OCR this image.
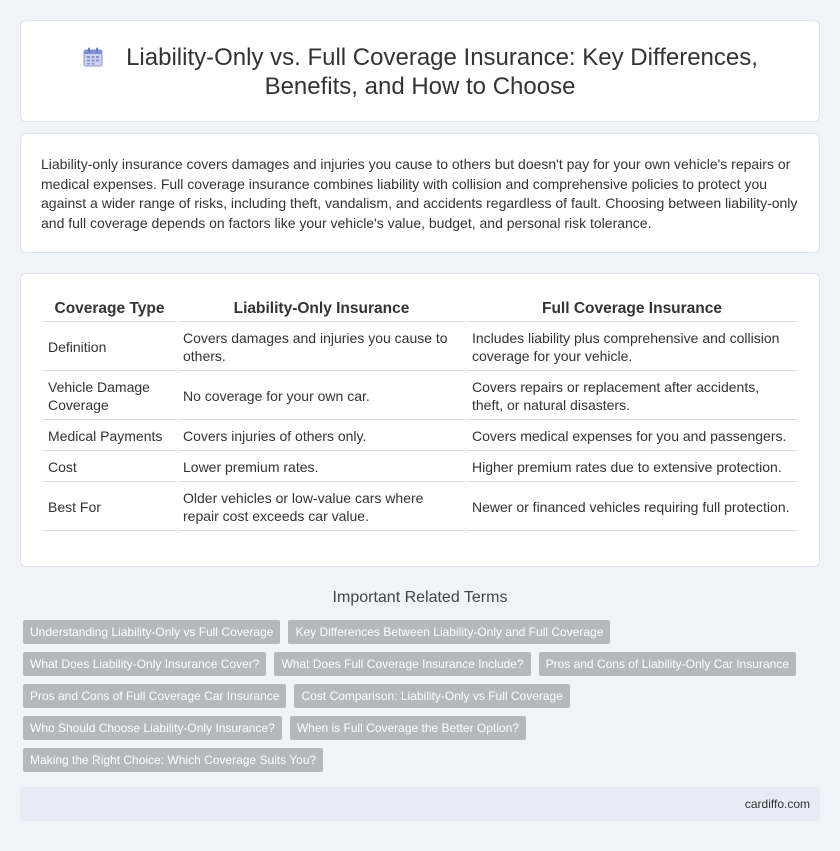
Liability-Only vs. Full Coverage Insurance: Key Differences, Benefits, and How to Choose

Liability-only insurance covers damages and injuries you cause to others but doesn't pay for your own vehicle's repairs or medical expenses. Full coverage insurance combines liability with collision and comprehensive policies to protect you against a wider range of risks, including theft, vandalism, and accidents regardless of fault. Choosing between liability-only and full coverage depends on factors like your vehicle's value, budget, and personal risk tolerance.

Coverage Type	Liability-Only Insurance	Full Coverage Insurance
Definition	Covers damages and injuries you cause to others.	Includes liability plus comprehensive and collision coverage for your vehicle.
Vehicle Damage Coverage	No coverage for your own car.	Covers repairs or replacement after accidents, theft, or natural disasters.
Medical Payments	Covers injuries of others only.	Covers medical expenses for you and passengers.
Cost	Lower premium rates.	Higher premium rates due to extensive protection.
Best For	Older vehicles or low-value cars where repair cost exceeds car value.	Newer or financed vehicles requiring full protection.
Important Related Terms
Understanding Liability-Only vs Full Coverage	Key Differences Between Liability-Only and Full Coverage
What Does Liability-Only Insurance Cover?	What Does Full Coverage Insurance Include?	Pros and Cons of Liability-Only Car Insurance
Pros and Cons of Full Coverage Car Insurance	Cost Comparison: Liability-Only vs Full Coverage
Who Should Choose Liability-Only Insurance?	When is Full Coverage the Better Option?
Making the Right Choice: Which Coverage Suits You?
cardiffo.com
